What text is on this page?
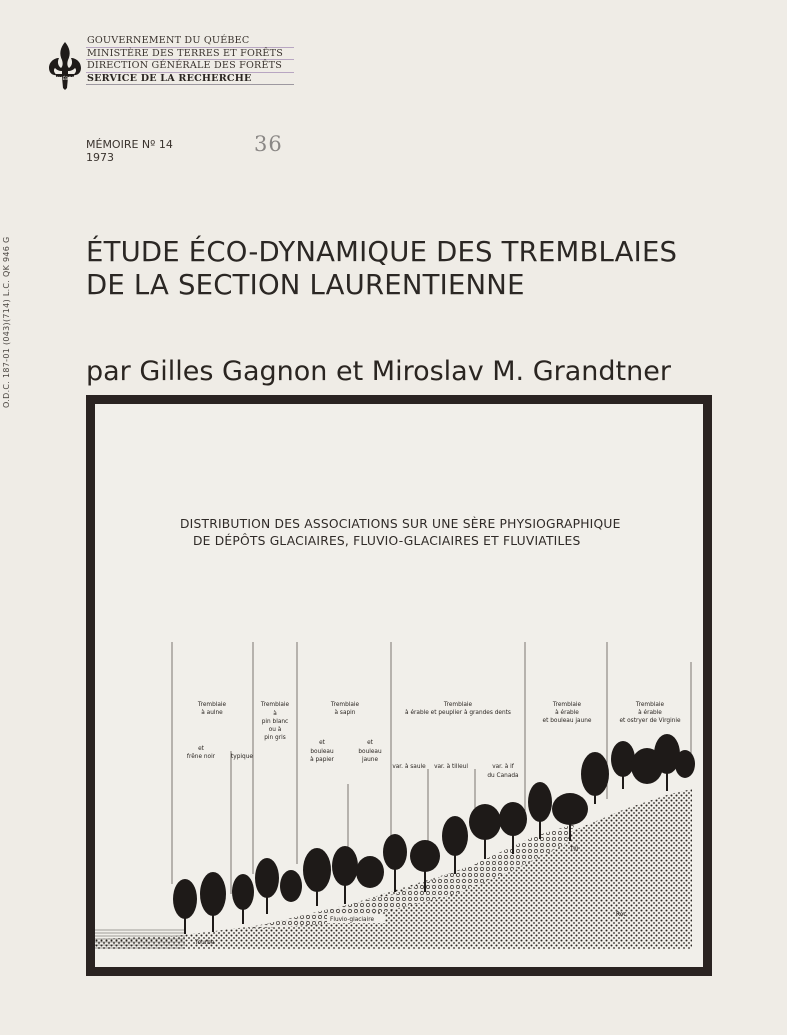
QUÉBEC
GOUVERNEMENT DU QUÉBEC
MINISTÈRE DES TERRES ET FORÊTS
DIRECTION GÉNÉRALE DES FORÊTS
SERVICE DE LA RECHERCHE
MÉMOIRE Nº 14
1973
36
O.D.C. 187-01 (043)(714) L.C. QK 946 G	ÉTUDE ÉCO-DYNAMIQUE DES TREMBLAIES
DE LA SECTION LAURENTIENNE
par Gilles Gagnon et Miroslav M. Grandtner
Tremblaie
à aulne
et
frêne noir	typique
Tremblaie
à
pin blanc
ou à
pin gris
Tremblaie
à sapin
et
bouleau
à papier
et
bouleau
jaune
Tremblaie
à érable et peuplier à grandes dents
var. à saule var. à tilleul	var. à if
du Canada
Tremblaie
à érable
et bouleau jaune
Tremblaie
à érable
et ostryer de Virginie
Fluvio-glaciaire
Tourbe
Till
Roc
DISTRIBUTION DES ASSOCIATIONS SUR UNE SÈRE PHYSIOGRAPHIQUE
DE DÉPÔTS GLACIAIRES, FLUVIO-GLACIAIRES ET FLUVIATILES
